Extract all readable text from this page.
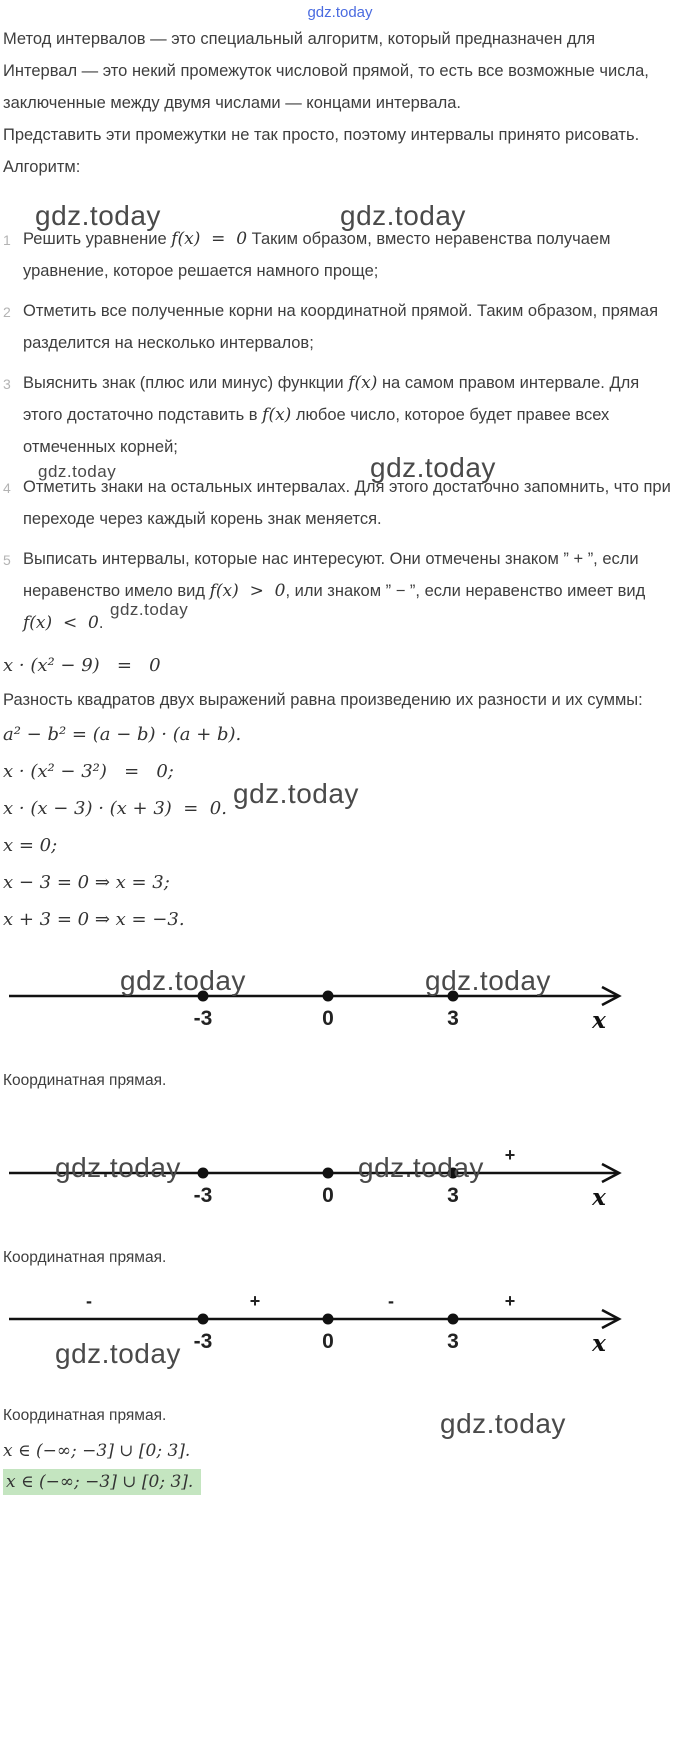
gdz.today

Метод интервалов — это специальный алгоритм, который предназначен для

Интервал — это некий промежуток числовой прямой, то есть все возможные числа, заключенные между двумя числами — концами интервала.

Представить эти промежутки не так просто, поэтому интервалы принято рисовать.

Алгоритм:

1 Решить уравнение f(x)  =  0 Таким образом, вместо неравенства получаем уравнение, которое решается намного проще;
2 Отметить все полученные корни на координатной прямой. Таким образом, прямая разделится на несколько интервалов;
3 Выяснить знак (плюс или минус) функции f(x) на самом правом интервале. Для этого достаточно подставить в f(x) любое число, которое будет правее всех отмеченных корней;
4 Отметить знаки на остальных интервалах. Для этого достаточно запомнить, что при переходе через каждый корень знак меняется.
5 Выписать интервалы, которые нас интересуют. Они отмечены знаком ” + ”, если неравенство имело вид f(x)  >  0, или знаком ” − ”, если неравенство имеет вид f(x)  <  0.

x · (x² − 9)   =   0

Разность квадратов двух выражений равна произведению их разности и их суммы:

a² − b² = (a − b) · (a + b).

x · (x² − 3²)   =   0;

x · (x − 3) · (x + 3)  =  0.

x = 0;

x − 3 = 0 ⇒ x = 3;

x + 3 = 0 ⇒ x = −3.

-3	0	3	x

Координатная прямая.

+
-3	0	3	x

Координатная прямая.

-	+	-	+
-3	0	3	x

Координатная прямая.

x ∈ (−∞; −3] ∪ [0; 3].

x ∈ (−∞; −3] ∪ [0; 3].
gdz.today	gdz.today
gdz.today	gdz.today
gdz.today
gdz.today
gdz.today	gdz.today
gdz.today	gdz.today
gdz.today
gdz.today
